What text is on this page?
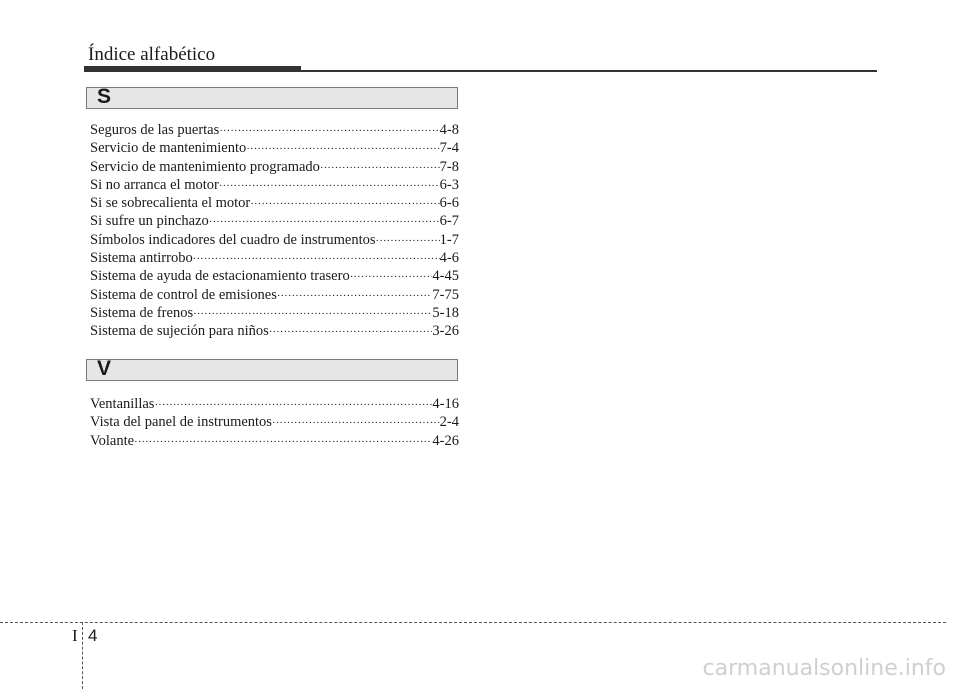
Índice alfabético
S
Seguros de las puertas ·····	4-8
Servicio de mantenimiento ·····	7-4
Servicio de mantenimiento programado ·····	7-8
Si no arranca el motor ·····	6-3
Si se sobrecalienta el motor ·····	6-6
Si sufre un pinchazo ·····	6-7
Símbolos indicadores del cuadro de instrumentos ·····	1-7
Sistema antirrobo ·····	4-6
Sistema de ayuda de estacionamiento trasero ·····	4-45
Sistema de control de emisiones ·····	7-75
Sistema de frenos ·····	5-18
Sistema de sujeción para niños ·····	3-26
V
Ventanillas ·····	4-16
Vista del panel de instrumentos ·····	2-4
Volante ·····	4-26
I 4
carmanualsonline.info
